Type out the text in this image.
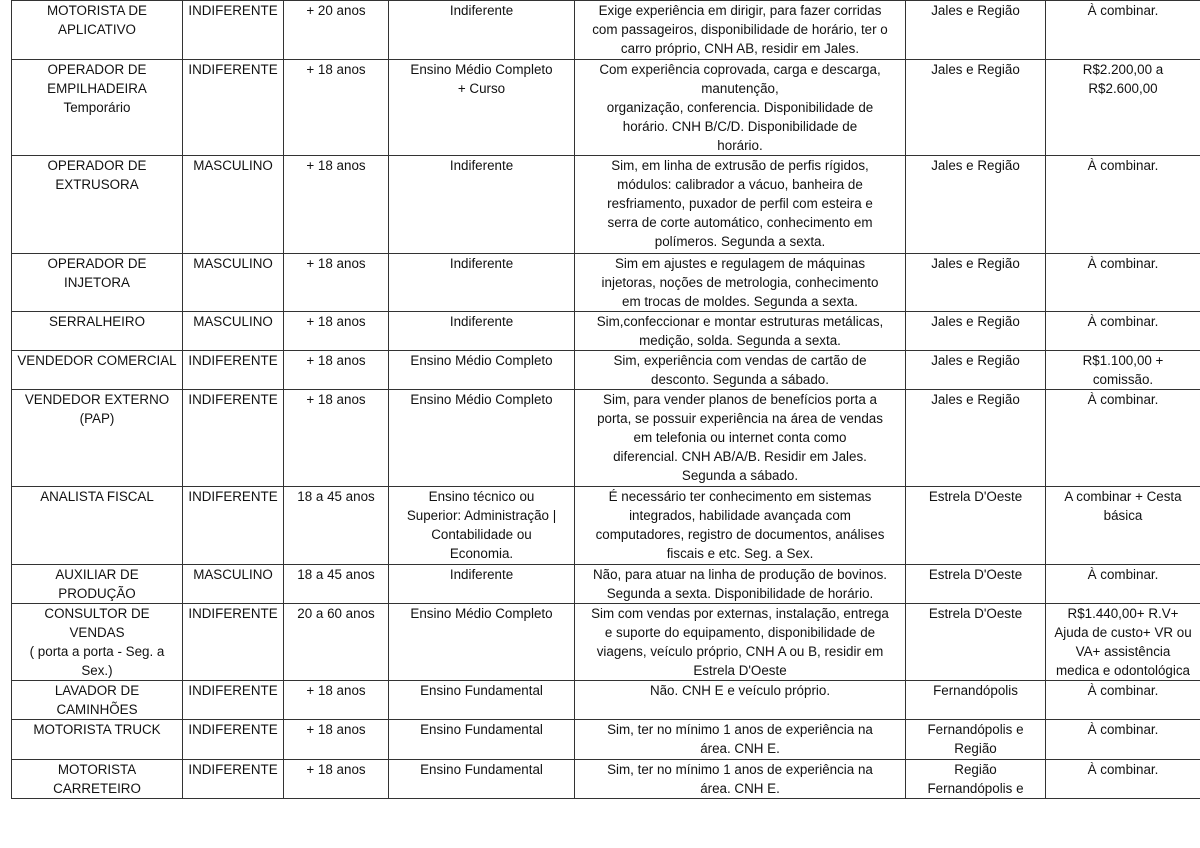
MOTORISTA DE
APLICATIVO	INDIFERENTE	+ 20 anos	Indiferente	Exige experiência em dirigir, para fazer corridas
com passageiros, disponibilidade de horário, ter o
carro próprio, CNH AB, residir em Jales.	Jales e Região	À combinar.
OPERADOR DE
EMPILHADEIRA
Temporário	INDIFERENTE	+ 18 anos	Ensino Médio Completo
+ Curso	Com experiência coprovada, carga e descarga,
manutenção,
organização, conferencia. Disponibilidade de
horário. CNH B/C/D. Disponibilidade de
horário.	Jales e Região	R$2.200,00 a
R$2.600,00
OPERADOR DE
EXTRUSORA	MASCULINO	+ 18 anos	Indiferente	Sim, em linha de extrusão de perfis rígidos,
módulos: calibrador a vácuo, banheira de
resfriamento, puxador de perfil com esteira e
serra de corte automático, conhecimento em
polímeros. Segunda a sexta.	Jales e Região	À combinar.
OPERADOR DE
INJETORA	MASCULINO	+ 18 anos	Indiferente	Sim em ajustes e regulagem de máquinas
injetoras, noções de metrologia, conhecimento
em trocas de moldes. Segunda a sexta.	Jales e Região	À combinar.
SERRALHEIRO	MASCULINO	+ 18 anos	Indiferente	Sim,confeccionar e montar estruturas metálicas,
medição, solda. Segunda a sexta.	Jales e Região	À combinar.
VENDEDOR COMERCIAL	INDIFERENTE	+ 18 anos	Ensino Médio Completo	Sim, experiência com vendas de cartão de
desconto. Segunda a sábado.	Jales e Região	R$1.100,00 +
comissão.
VENDEDOR EXTERNO
(PAP)	INDIFERENTE	+ 18 anos	Ensino Médio Completo	Sim, para vender planos de benefícios porta a
porta, se possuir experiência na área de vendas
em telefonia ou internet conta como
diferencial. CNH AB/A/B. Residir em Jales.
Segunda a sábado.	Jales e Região	À combinar.
ANALISTA FISCAL	INDIFERENTE	18 a 45 anos	Ensino técnico ou
Superior: Administração |
Contabilidade ou
Economia.	É necessário ter conhecimento em sistemas
integrados, habilidade avançada com
computadores, registro de documentos, análises
fiscais e etc. Seg. a Sex.	Estrela D'Oeste	A combinar + Cesta
básica
AUXILIAR DE
PRODUÇÃO	MASCULINO	18 a 45 anos	Indiferente	Não, para atuar na linha de produção de bovinos.
Segunda a sexta. Disponibilidade de horário.	Estrela D'Oeste	À combinar.
CONSULTOR DE VENDAS
( porta a porta - Seg. a
Sex.)	INDIFERENTE	20 a 60 anos	Ensino Médio Completo	Sim com vendas por externas, instalação, entrega
e suporte do equipamento, disponibilidade de
viagens, veículo próprio, CNH A ou B, residir em
Estrela D'Oeste	Estrela D'Oeste	R$1.440,00+ R.V+
Ajuda de custo+ VR ou
VA+ assistência
medica e odontológica
LAVADOR DE
CAMINHÕES	INDIFERENTE	+ 18 anos	Ensino Fundamental	Não. CNH E e veículo próprio.	Fernandópolis	À combinar.
MOTORISTA TRUCK	INDIFERENTE	+ 18 anos	Ensino Fundamental	Sim, ter no mínimo 1 anos de experiência na
área. CNH E.	Fernandópolis e
Região	À combinar.
MOTORISTA
CARRETEIRO	INDIFERENTE	+ 18 anos	Ensino Fundamental	Sim, ter no mínimo 1 anos de experiência na
área. CNH E.	Região
Fernandópolis e	À combinar.
